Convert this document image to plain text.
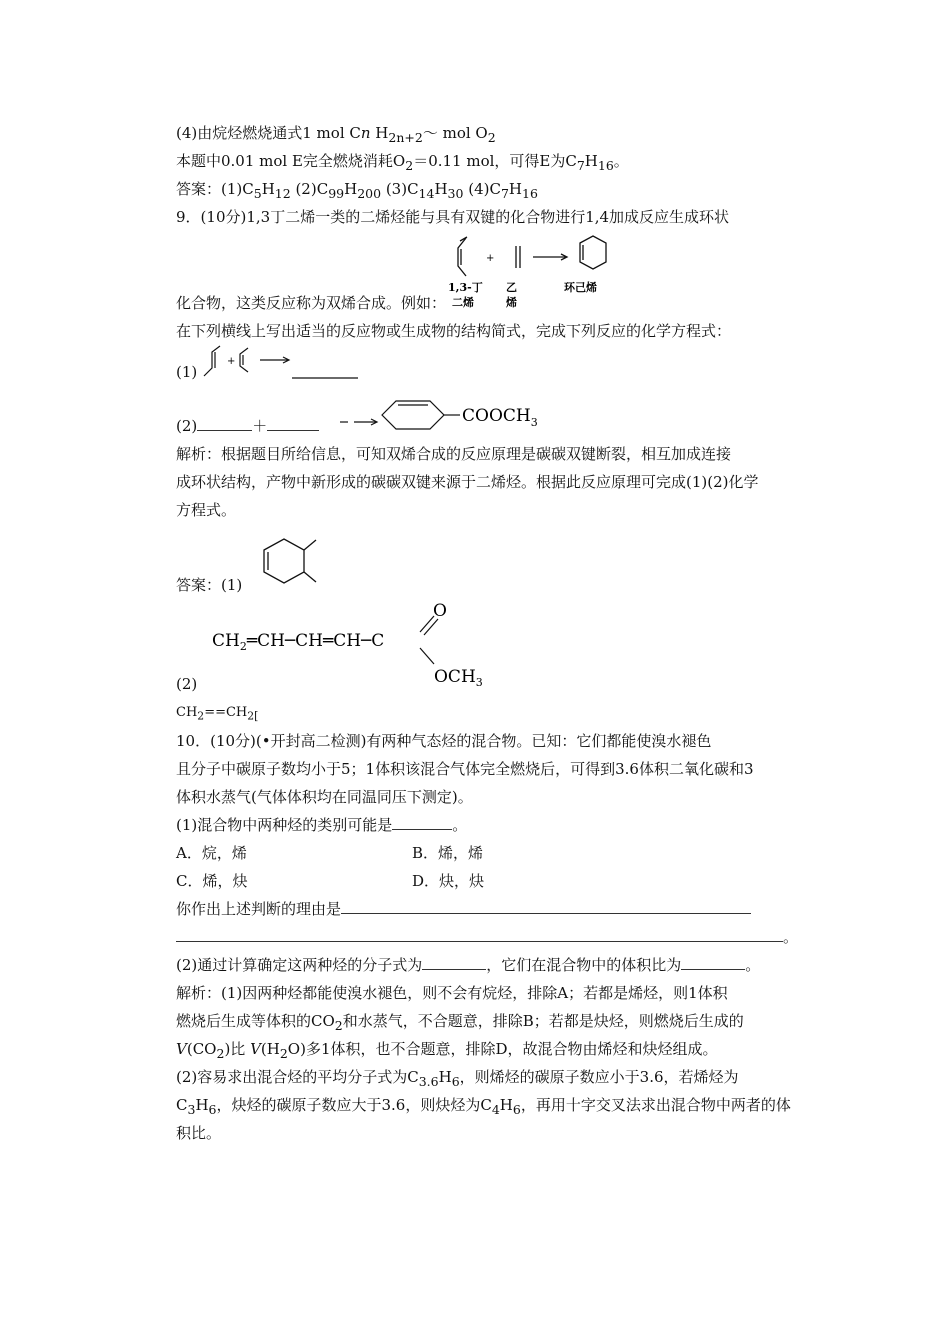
(4)由烷烃燃烧通式1 mol Cn $H_{2n+2}\sim$ mol $O_2$
本题中0.01 mol E完全燃烧消耗$O_2=0.11$ mol，可得E为$C_7H_{16}$。
答案：$(1)C_5H_{12}$ $(2)C_{99}H_{200}$ $(3)C_{14}H_{30}$ $(4)C_7H_{16}$
9．(10分)1,3丁二烯一类的二烯烃能与具有双键的化合物进行1,4加成反应生成环状
+
1,3-丁
二烯
乙
烯
环己烯
化合物，这类反应称为双烯合成。例如：
在下列横线上写出适当的反应物或生成物的结构简式，完成下列反应的化学方程式：
(1)
+
(2)	＋	$COOCH_3$
解析：根据题目所给信息，可知双烯合成的反应原理是碳碳双键断裂，相互加成连接
成环状结构，产物中新形成的碳碳双键来源于二烯烃。根据此反应原理可完成(1)(2)化学
方程式。
答案：(1)
(2)
$CH_2═CH─CH═CH─C$
O
$OCH_3$
$CH_2==CH_{2[}$
10．(10分)(•开封高二检测)有两种气态烃的混合物。已知：它们都能使溴水褪色
且分子中碳原子数均小于5；1体积该混合气体完全燃烧后，可得到3.6体积二氧化碳和3
体积水蒸气(气体体积均在同温同压下测定)。
(1)混合物中两种烃的类别可能是	。
A．烷，烯	B．烯，烯
C．烯，炔	D．炔，炔
你作出上述判断的理由是
。
(2)通过计算确定这两种烃的分子式为	，它们在混合物中的体积比为	。
解析：(1)因两种烃都能使溴水褪色，则不会有烷烃，排除A；若都是烯烃，则1体积
燃烧后生成等体积的$CO_2$和水蒸气，不合题意，排除B；若都是炔烃，则燃烧后生成的
$V(CO_2)$比 $V(H_2O)$多1体积，也不合题意，排除D，故混合物由烯烃和炔烃组成。
(2)容易求出混合烃的平均分子式为$C_{3.6}H_6$，则烯烃的碳原子数应小于3.6，若烯烃为
$C_3H_6$，炔烃的碳原子数应大于3.6，则炔烃为$C_4H_6$，再用十字交叉法求出混合物中两者的体
积比。
